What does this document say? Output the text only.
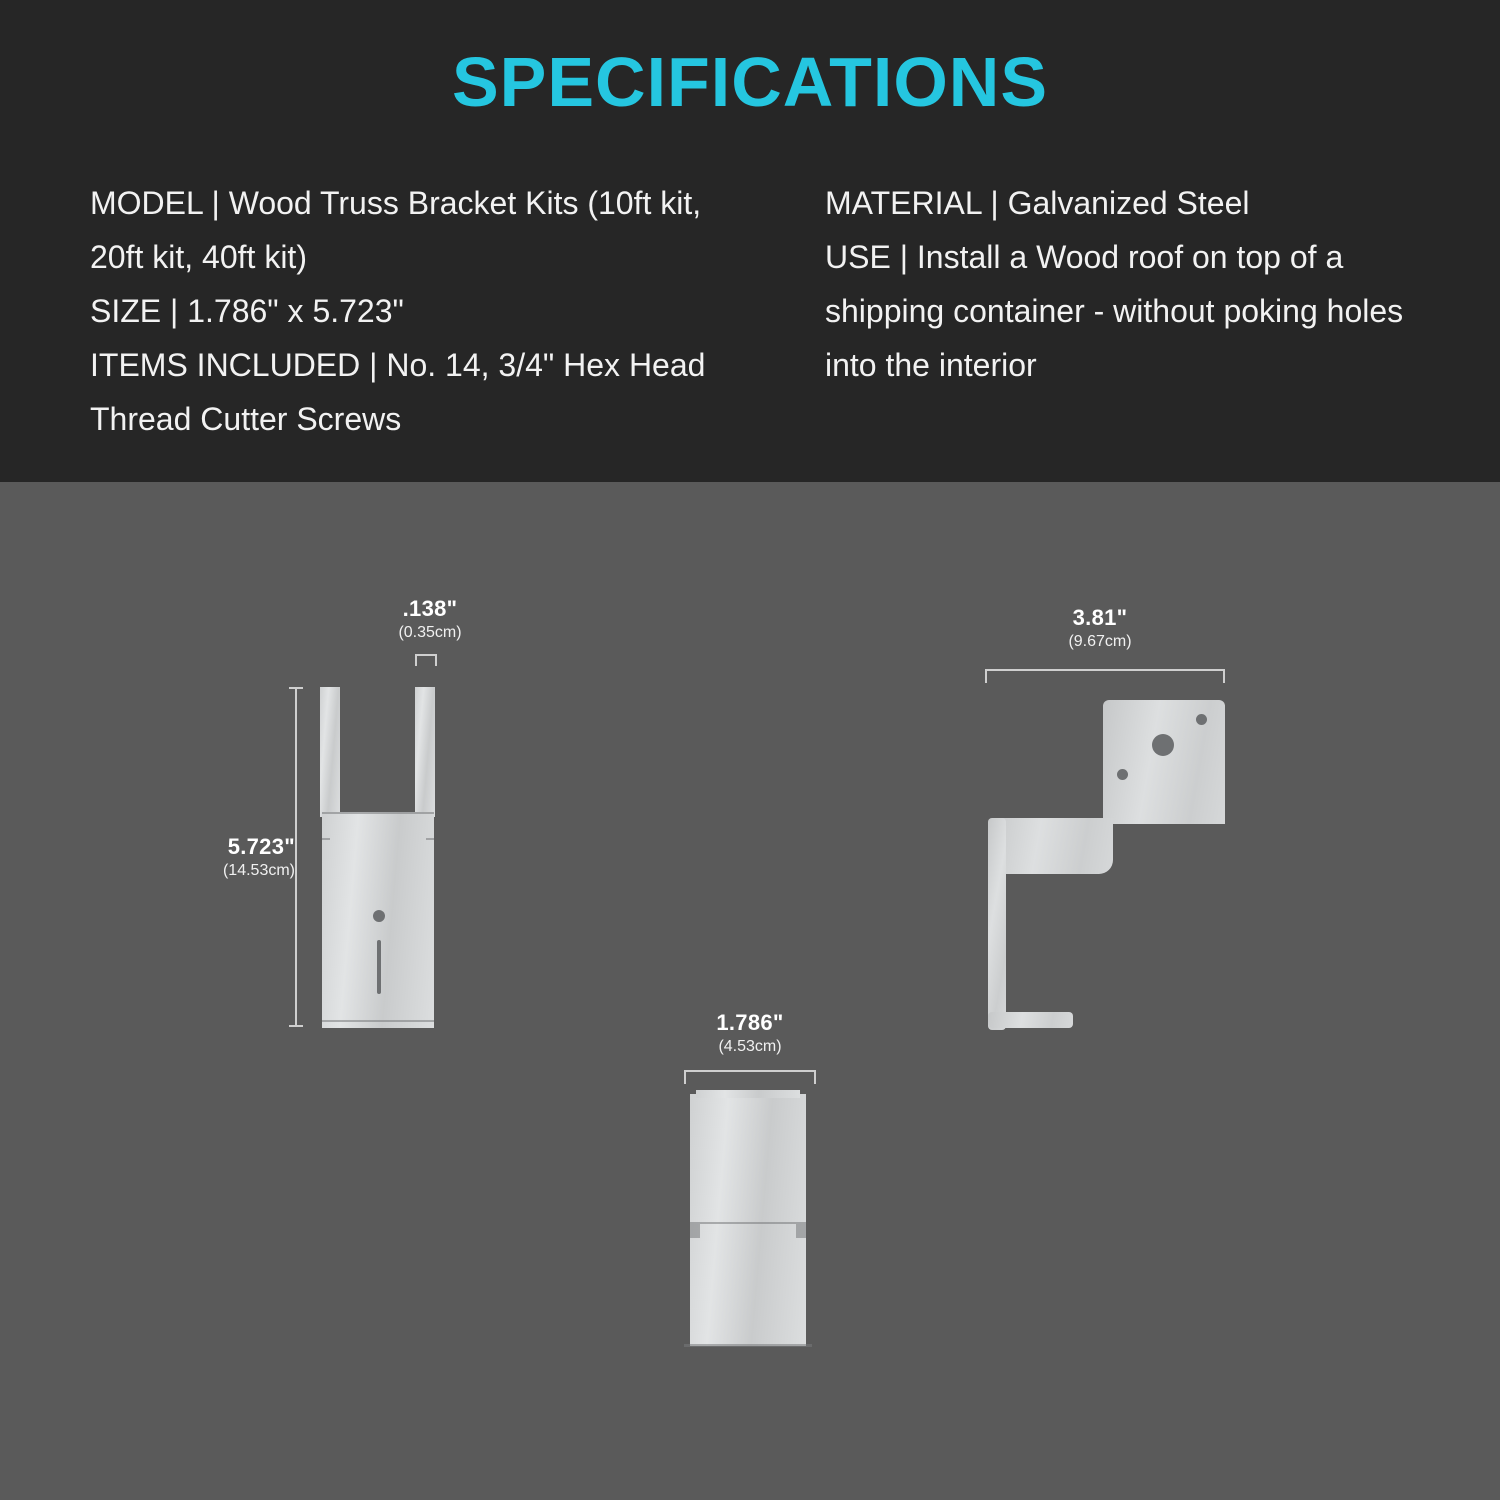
SPECIFICATIONS
MODEL | Wood Truss Bracket Kits (10ft kit, 20ft kit, 40ft kit)
SIZE | 1.786" x 5.723"
ITEMS INCLUDED | No. 14, 3/4" Hex Head Thread Cutter Screws
MATERIAL | Galvanized Steel
USE | Install a Wood roof on top of a shipping container - without poking holes into the interior
.138"
(0.35cm)
5.723"
(14.53cm)
3.81"
(9.67cm)
1.786"
(4.53cm)
